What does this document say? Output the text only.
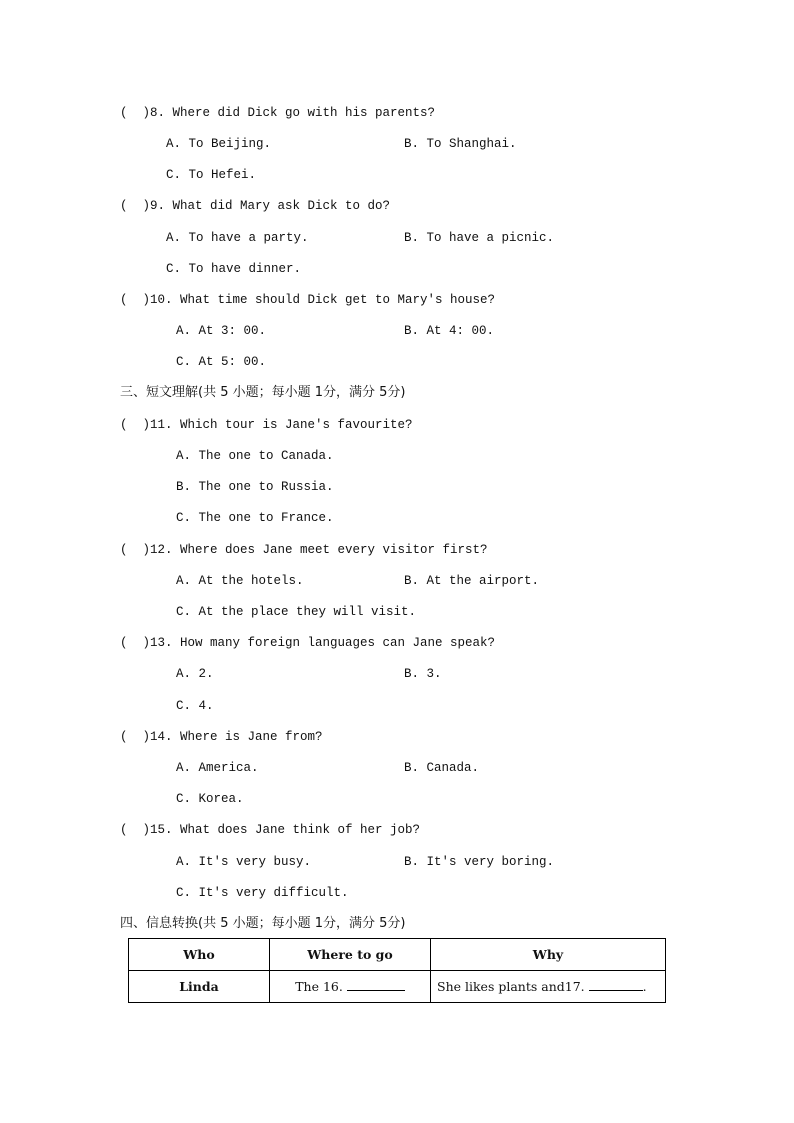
(  )8. Where did Dick go with his parents?
A. To Beijing.	B. To Shanghai.
C. To Hefei.
(  )9. What did Mary ask Dick to do?
A. To have a party.	B. To have a picnic.
C. To have dinner.
(  )10. What time should Dick get to Mary's house?
A. At 3: 00.	B. At 4: 00.
C. At 5: 00.
三、短文理解(共 5 小题；每小题 1分，满分 5分)
(  )11. Which tour is Jane's favourite?
A. The one to Canada.
B. The one to Russia.
C. The one to France.
(  )12. Where does Jane meet every visitor first?
A. At the hotels.	B. At the airport.
C. At the place they will visit.
(  )13. How many foreign languages can Jane speak?
A. 2.	B. 3.
C. 4.
(  )14. Where is Jane from?
A. America.	B. Canada.
C. Korea.
(  )15. What does Jane think of her job?
A. It's very busy.	B. It's very boring.
C. It's very difficult.
四、信息转换(共 5 小题；每小题 1分，满分 5分)
Who	Where to go	Why
Linda	The 16.	She likes plants and17. .
